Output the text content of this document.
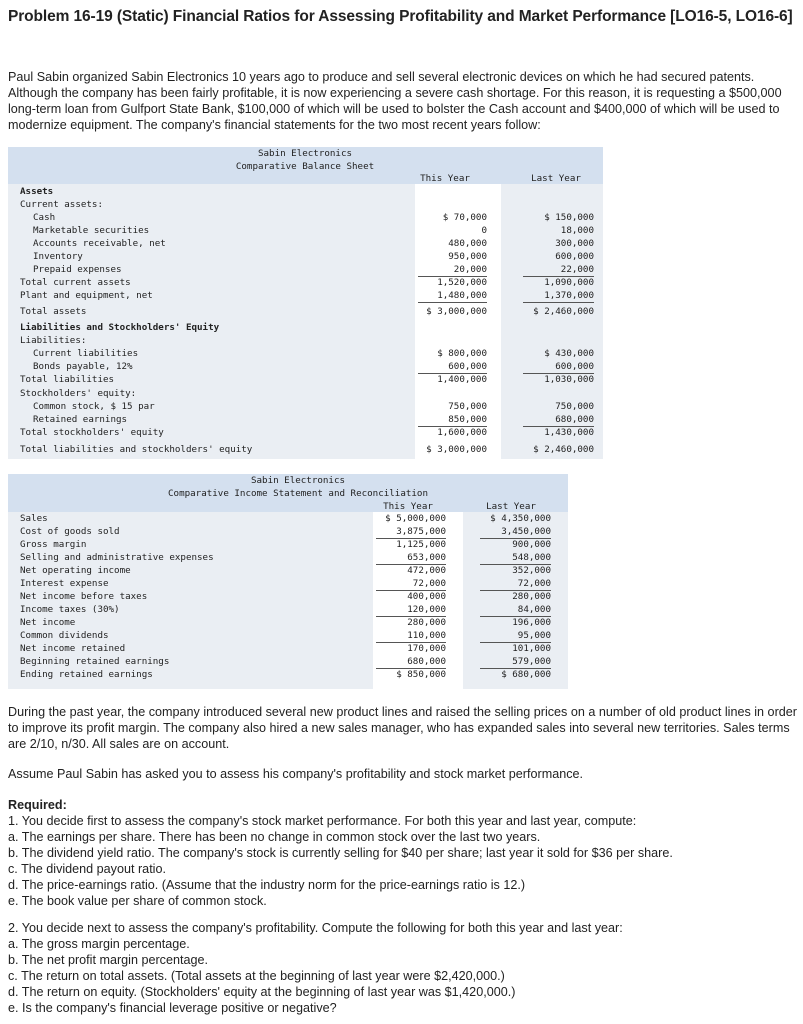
Problem 16-19 (Static) Financial Ratios for Assessing Profitability and Market Performance [LO16-5, LO16-6]

Paul Sabin organized Sabin Electronics 10 years ago to produce and sell several electronic devices on which he had secured patents. Although the company has been fairly profitable, it is now experiencing a severe cash shortage. For this reason, it is requesting a $500,000 long-term loan from Gulfport State Bank, $100,000 of which will be used to bolster the Cash account and $400,000 of which will be used to modernize equipment. The company's financial statements for the two most recent years follow:

Sabin Electronics
Comparative Balance Sheet
This Year	Last Year
Assets
Current assets:
Cash	$ 70,000	$ 150,000
Marketable securities	0	18,000
Accounts receivable, net	480,000	300,000
Inventory	950,000	600,000
Prepaid expenses	20,000	22,000
Total current assets	1,520,000	1,090,000
Plant and equipment, net	1,480,000	1,370,000
Total assets	$ 3,000,000	$ 2,460,000
Liabilities and Stockholders' Equity
Liabilities:
Current liabilities	$ 800,000	$ 430,000
Bonds payable, 12%	600,000	600,000
Total liabilities	1,400,000	1,030,000
Stockholders' equity:
Common stock, $ 15 par	750,000	750,000
Retained earnings	850,000	680,000
Total stockholders' equity	1,600,000	1,430,000
Total liabilities and stockholders' equity	$ 3,000,000	$ 2,460,000
Sabin Electronics
Comparative Income Statement and Reconciliation
This Year	Last Year
Sales	$ 5,000,000	$ 4,350,000
Cost of goods sold	3,875,000	3,450,000
Gross margin	1,125,000	900,000
Selling and administrative expenses	653,000	548,000
Net operating income	472,000	352,000
Interest expense	72,000	72,000
Net income before taxes	400,000	280,000
Income taxes (30%)	120,000	84,000
Net income	280,000	196,000
Common dividends	110,000	95,000
Net income retained	170,000	101,000
Beginning retained earnings	680,000	579,000
Ending retained earnings	$ 850,000	$ 680,000

During the past year, the company introduced several new product lines and raised the selling prices on a number of old product lines in order to improve its profit margin. The company also hired a new sales manager, who has expanded sales into several new territories. Sales terms are 2/10, n/30. All sales are on account.

Assume Paul Sabin has asked you to assess his company's profitability and stock market performance.

Required:
1. You decide first to assess the company's stock market performance. For both this year and last year, compute:
a. The earnings per share. There has been no change in common stock over the last two years.
b. The dividend yield ratio. The company's stock is currently selling for $40 per share; last year it sold for $36 per share.
c. The dividend payout ratio.
d. The price-earnings ratio. (Assume that the industry norm for the price-earnings ratio is 12.)
e. The book value per share of common stock.
2. You decide next to assess the company's profitability. Compute the following for both this year and last year:
a. The gross margin percentage.
b. The net profit margin percentage.
c. The return on total assets. (Total assets at the beginning of last year were $2,420,000.)
d. The return on equity. (Stockholders' equity at the beginning of last year was $1,420,000.)
e. Is the company's financial leverage positive or negative?
